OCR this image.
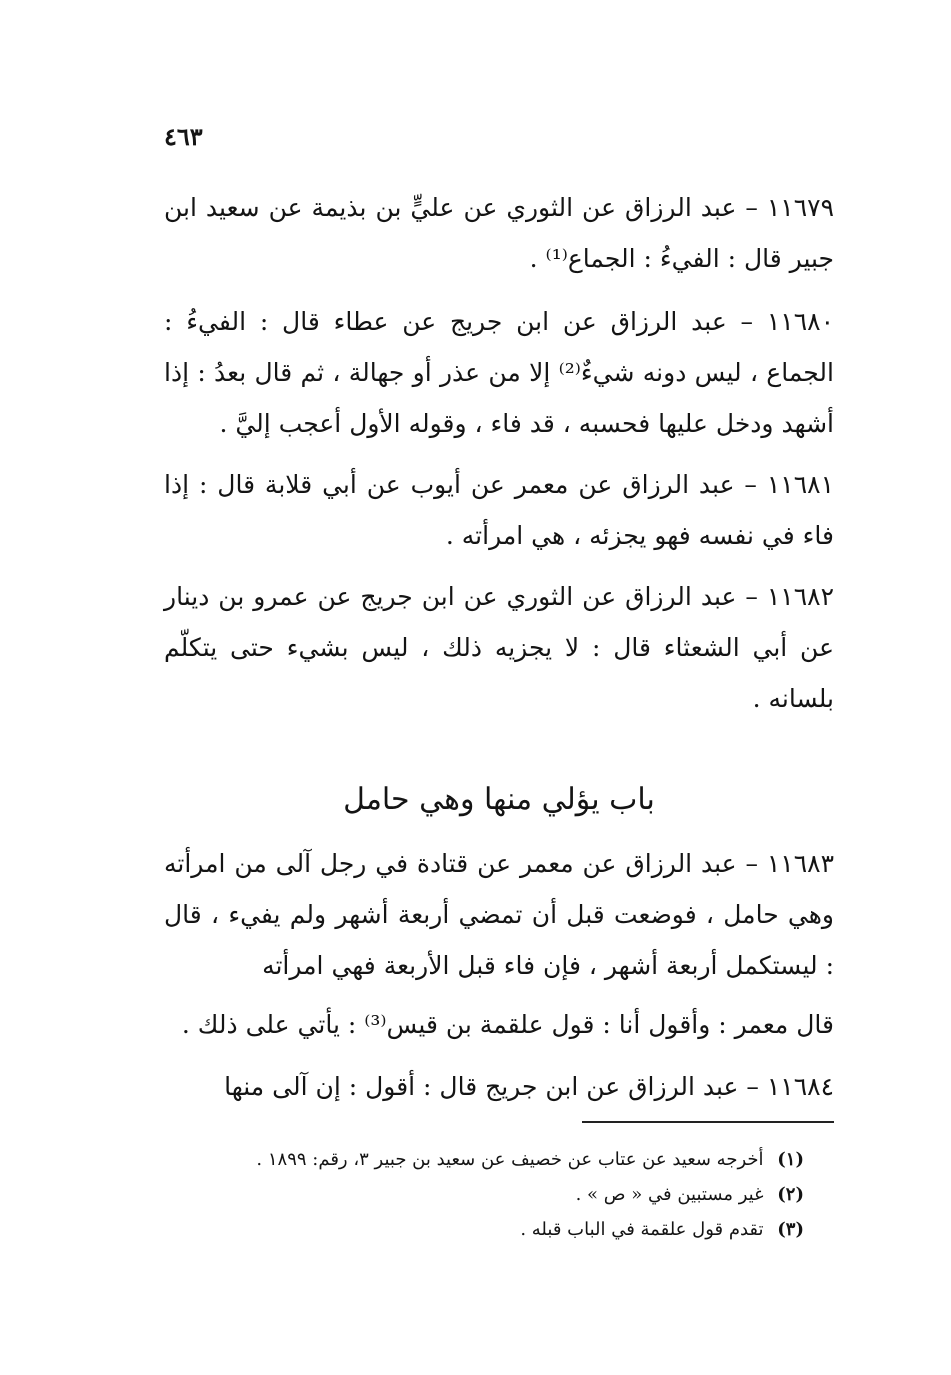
٤٦٣

١١٦٧٩ – عبد الرزاق عن الثوري عن عليٍّ بن بذيمة عن سعيد ابن جبير قال : الفيءُ : الجماع⁽¹⁾ .

١١٦٨٠ – عبد الرزاق عن ابن جريج عن عطاء قال : الفيءُ : الجماع ، ليس دونه شيءٌ⁽²⁾ إلا من عذر أو جهالة ، ثم قال بعدُ : إذا أشهد ودخل عليها فحسبه ، قد فاء ، وقوله الأول أعجب إليَّ .

١١٦٨١ – عبد الرزاق عن معمر عن أيوب عن أبي قلابة قال : إذا فاء في نفسه فهو يجزئه ، هي امرأته .

١١٦٨٢ – عبد الرزاق عن الثوري عن ابن جريج عن عمرو بن دينار عن أبي الشعثاء قال : لا يجزيه ذلك ، ليس بشيء حتى يتكلّم بلسانه .

باب يؤلي منها وهي حامل

١١٦٨٣ – عبد الرزاق عن معمر عن قتادة في رجل آلى من امرأته وهي حامل ، فوضعت قبل أن تمضي أربعة أشهر ولم يفيء ، قال : ليستكمل أربعة أشهر ، فإن فاء قبل الأربعة فهي امرأته

قال معمر : وأقول أنا : قول علقمة بن قيس⁽³⁾ : يأتي على ذلك .

١١٦٨٤ – عبد الرزاق عن ابن جريج قال : أقول : إن آلى منها

(١) أخرجه سعيد عن عتاب عن خصيف عن سعيد بن جبير ٣، رقم: ١٨٩٩ .
(٢) غير مستبين في « ص » .
(٣) تقدم قول علقمة في الباب قبله .
